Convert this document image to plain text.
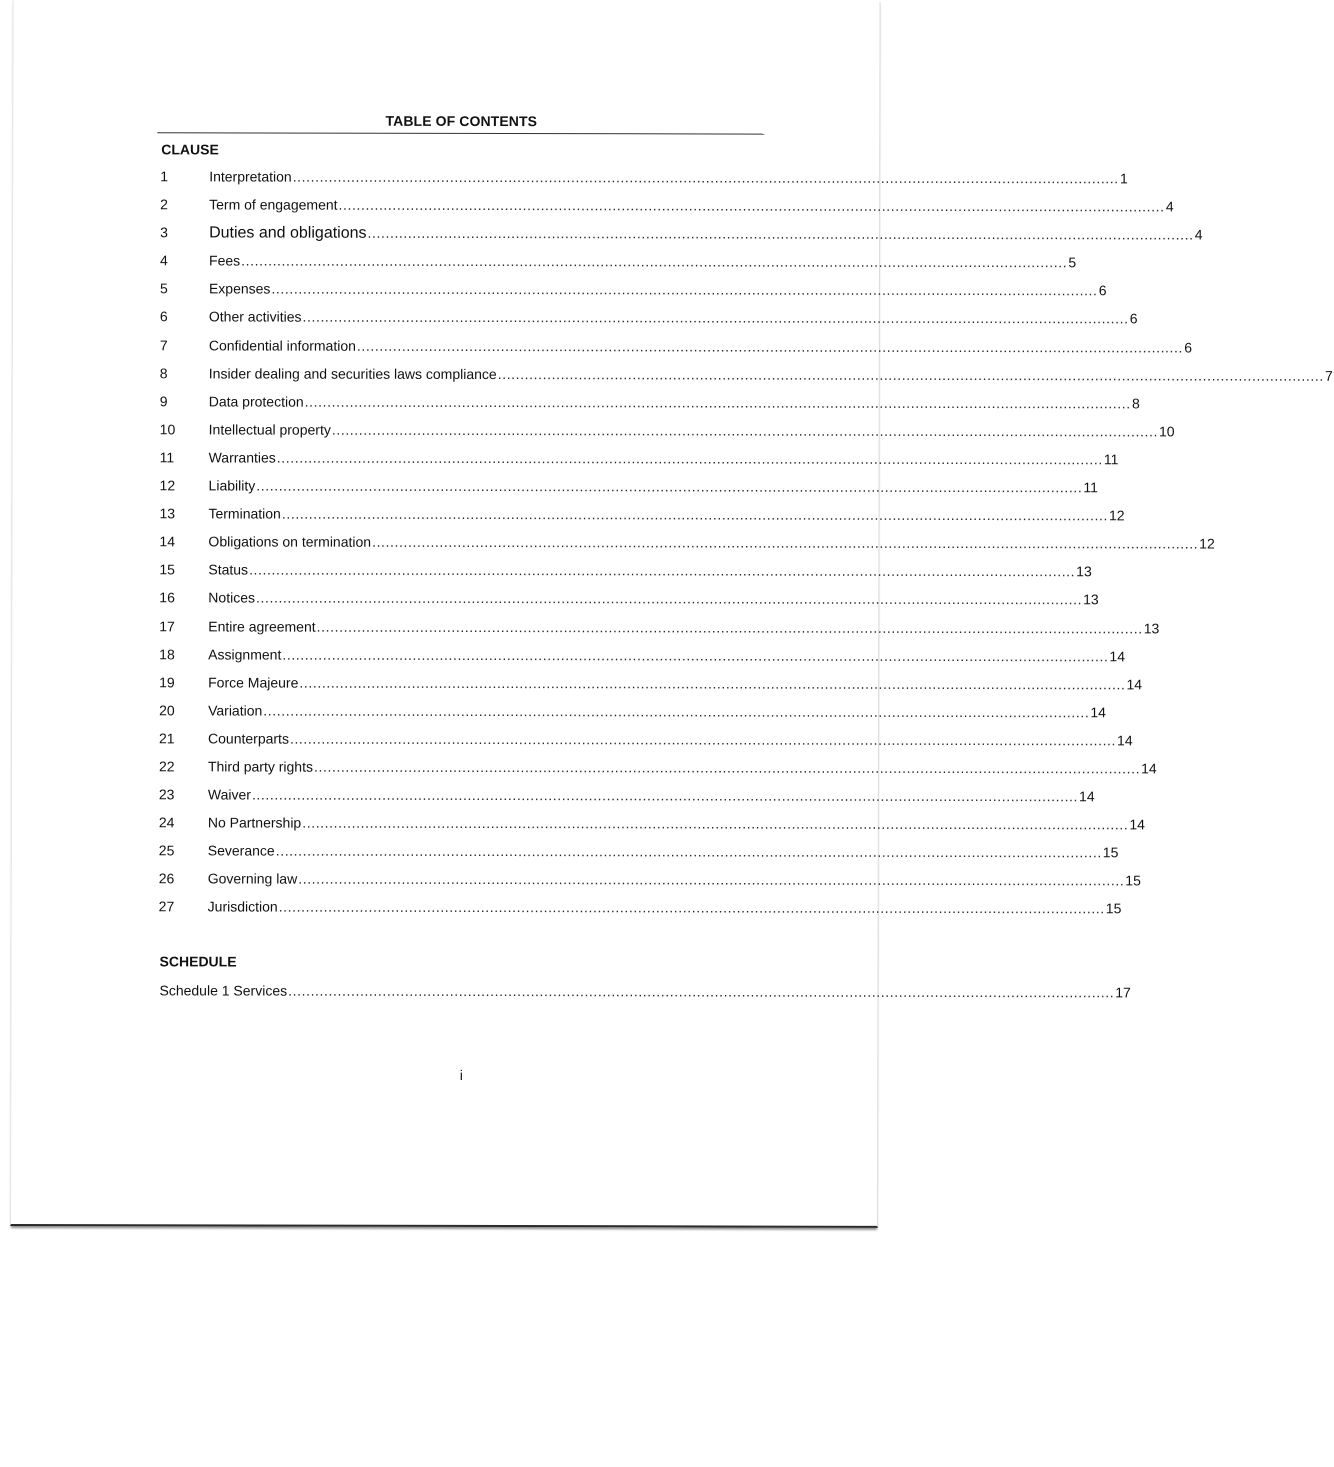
TABLE OF CONTENTS
CLAUSE
1	Interpretation ........................................................................................................................................................................................ 1
2	Term of engagement ........................................................................................................................................................................................ 4
3	Duties and obligations ........................................................................................................................................................................................ 4
4	Fees ........................................................................................................................................................................................ 5
5	Expenses ........................................................................................................................................................................................ 6
6	Other activities ........................................................................................................................................................................................ 6
7	Confidential information ........................................................................................................................................................................................ 6
8	Insider dealing and securities laws compliance ........................................................................................................................................................................................ 7
9	Data protection ........................................................................................................................................................................................ 8
10	Intellectual property ........................................................................................................................................................................................ 10
11	Warranties ........................................................................................................................................................................................ 11
12	Liability ........................................................................................................................................................................................ 11
13	Termination ........................................................................................................................................................................................ 12
14	Obligations on termination ........................................................................................................................................................................................ 12
15	Status ........................................................................................................................................................................................ 13
16	Notices ........................................................................................................................................................................................ 13
17	Entire agreement ........................................................................................................................................................................................ 13
18	Assignment ........................................................................................................................................................................................ 14
19	Force Majeure ........................................................................................................................................................................................ 14
20	Variation ........................................................................................................................................................................................ 14
21	Counterparts ........................................................................................................................................................................................ 14
22	Third party rights ........................................................................................................................................................................................ 14
23	Waiver ........................................................................................................................................................................................ 14
24	No Partnership ........................................................................................................................................................................................ 14
25	Severance ........................................................................................................................................................................................ 15
26	Governing law ........................................................................................................................................................................................ 15
27	Jurisdiction ........................................................................................................................................................................................ 15
SCHEDULE
Schedule 1 Services ........................................................................................................................................................................................ 17
i
